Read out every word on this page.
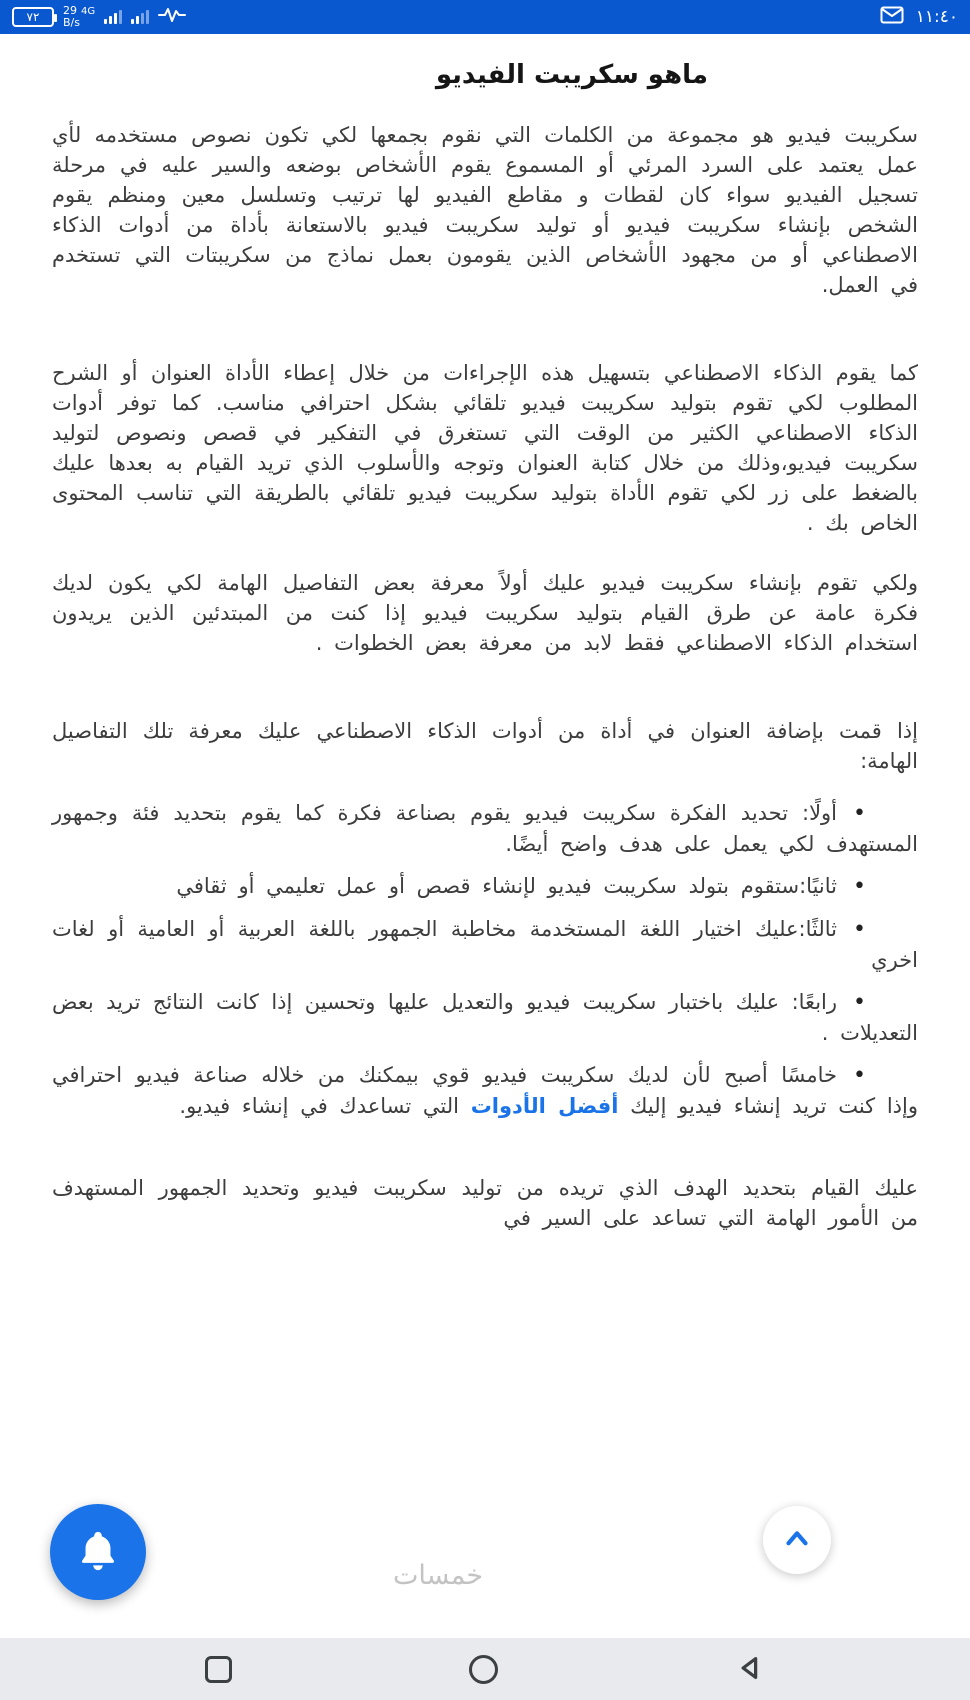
٧٢ 29 4G
B/s	١١:٤٠
ماهو سكريبت الفيديو

سكريبت فيديو هو مجموعة من الكلمات التي نقوم بجمعها لكي تكون نصوص مستخدمه لأي عمل يعتمد على السرد المرئي أو المسموع يقوم الأشخاص بوضعه والسير عليه في مرحلة تسجيل الفيديو سواء كان لقطات و مقاطع الفيديو لها ترتيب وتسلسل معين ومنظم يقوم الشخص بإنشاء سكريبت فيديو أو توليد سكريبت فيديو بالاستعانة بأداة من أدوات الذكاء الاصطناعي أو من مجهود الأشخاص الذين يقومون بعمل نماذج من سكريبتات التي تستخدم في العمل.

كما يقوم الذكاء الاصطناعي بتسهيل هذه الإجراءات من خلال إعطاء الأداة العنوان أو الشرح المطلوب لكي تقوم بتوليد سكريبت فيديو تلقائي بشكل احترافي مناسب. كما توفر أدوات الذكاء الاصطناعي الكثير من الوقت التي تستغرق في التفكير في قصص ونصوص لتوليد سكريبت فيديو،وذلك من خلال كتابة العنوان وتوجه والأسلوب الذي تريد القيام به بعدها عليك بالضغط على زر لكي تقوم الأداة بتوليد سكريبت فيديو تلقائي بالطريقة التي تناسب المحتوى الخاص بك .

ولكي تقوم بإنشاء سكريبت فيديو عليك أولاً معرفة بعض التفاصيل الهامة لكي يكون لديك فكرة عامة عن طرق القيام بتوليد سكريبت فيديو إذا كنت من المبتدئين الذين يريدون استخدام الذكاء الاصطناعي فقط لابد من معرفة بعض الخطوات .

إذا قمت بإضافة العنوان في أداة من أدوات الذكاء الاصطناعي عليك معرفة تلك التفاصيل الهامة:

•أولًا: تحديد الفكرة سكريبت فيديو يقوم بصناعة فكرة كما يقوم بتحديد فئة وجمهور المستهدف لكي يعمل على هدف واضح أيضًا.
•ثانيًا:ستقوم بتولد سكريبت فيديو لإنشاء قصص أو عمل تعليمي أو ثقافي
•ثالثًا:عليك اختيار اللغة المستخدمة مخاطبة الجمهور باللغة العربية أو العامية أو لغات اخري
•رابعًا: عليك باختبار سكريبت فيديو والتعديل عليها وتحسين إذا كانت النتائج تريد بعض التعديلات .
•خامسًا أصبح لأن لديك سكريبت فيديو قوي بيمكنك من خلاله صناعة فيديو احترافي وإذا كنت تريد إنشاء فيديو إليك أفضل الأدوات التي تساعدك في إنشاء فيديو.

عليك القيام بتحديد الهدف الذي تريده من توليد سكريبت فيديو وتحديد الجمهور المستهدف من الأمور الهامة التي تساعد على السير في

خمسات
